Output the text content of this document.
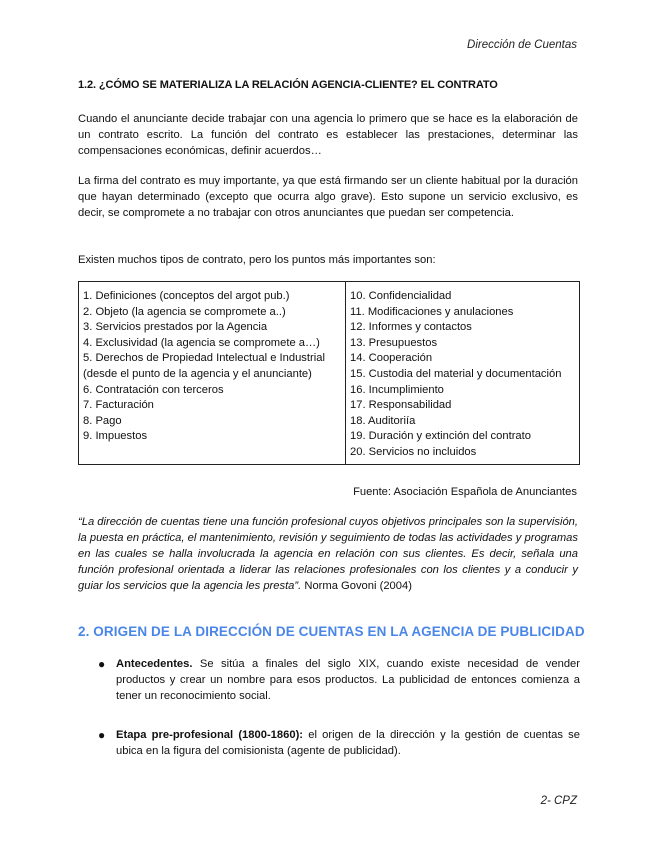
Dirección de Cuentas
1.2. ¿CÓMO SE MATERIALIZA LA RELACIÓN AGENCIA-CLIENTE? EL CONTRATO
Cuando el anunciante decide trabajar con una agencia lo primero que se hace es la elaboración de un contrato escrito. La función del contrato es establecer las prestaciones, determinar las compensaciones económicas, definir acuerdos…
La firma del contrato es muy importante, ya que está firmando ser un cliente habitual por la duración que hayan determinado (excepto que ocurra algo grave). Esto supone un servicio exclusivo, es decir, se compromete a no trabajar con otros anunciantes que puedan ser competencia.
Existen muchos tipos de contrato, pero los puntos más importantes son:
1. Definiciones (conceptos del argot pub.)
2. Objeto (la agencia se compromete a..)
3. Servicios prestados por la Agencia
4. Exclusividad (la agencia se compromete a…)
5. Derechos de Propiedad Intelectual e Industrial (desde el punto de la agencia y el anunciante)
6. Contratación con terceros
7. Facturación
8. Pago
9. Impuestos

10. Confidencialidad
11. Modificaciones y anulaciones
12. Informes y contactos
13. Presupuestos
14. Cooperación
15. Custodia del material y documentación
16. Incumplimiento
17. Responsabilidad
18. Auditoriía
19. Duración y extinción del contrato
20. Servicios no incluidos
Fuente: Asociación Española de Anunciantes
“La dirección de cuentas tiene una función profesional cuyos objetivos principales son la supervisión, la puesta en práctica, el mantenimiento, revisión y seguimiento de todas las actividades y programas en las cuales se halla involucrada la agencia en relación con sus clientes. Es decir, señala una función profesional orientada a liderar las relaciones profesionales con los clientes y a conducir y guiar los servicios que la agencia les presta”. Norma Govoni (2004)
2. ORIGEN DE LA DIRECCIÓN DE CUENTAS EN LA AGENCIA DE PUBLICIDAD
● Antecedentes. Se sitúa a finales del siglo XIX, cuando existe necesidad de vender productos y crear un nombre para esos productos. La publicidad de entonces comienza a tener un reconocimiento social.
● Etapa pre-profesional (1800-1860): el origen de la dirección y la gestión de cuentas se ubica en la figura del comisionista (agente de publicidad).
2- CPZ
